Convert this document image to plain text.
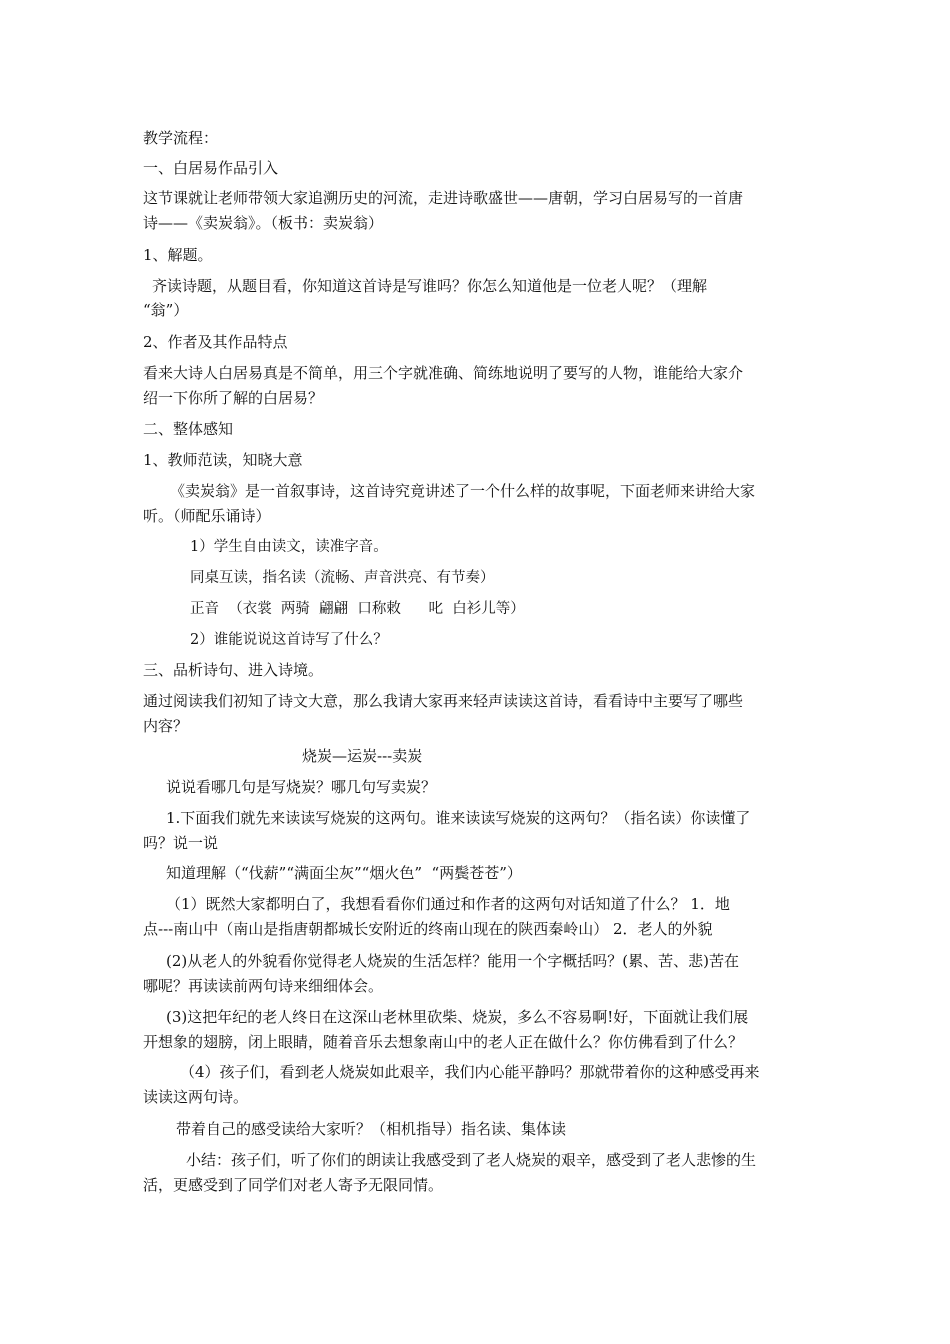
教学流程：
一、白居易作品引入
这节课就让老师带领大家追溯历史的河流，走进诗歌盛世——唐朝，学习白居易写的一首唐
诗——《卖炭翁》。（板书：卖炭翁）
1、解题。
齐读诗题，从题目看，你知道这首诗是写谁吗？你怎么知道他是一位老人呢？（理解
“翁”）
2、作者及其作品特点
看来大诗人白居易真是不简单，用三个字就准确、简练地说明了要写的人物，谁能给大家介
绍一下你所了解的白居易？
二、整体感知
1、教师范读，知晓大意
《卖炭翁》是一首叙事诗，这首诗究竟讲述了一个什么样的故事呢，下面老师来讲给大家
听。（师配乐诵诗）
1）学生自由读文，读准字音。
同桌互读，指名读（流畅、声音洪亮、有节奏）
正音  （衣裳  两骑  翩翩  口称敕      叱  白衫儿等）
2）谁能说说这首诗写了什么？
三、品析诗句、进入诗境。
通过阅读我们初知了诗文大意，那么我请大家再来轻声读读这首诗，看看诗中主要写了哪些
内容？
烧炭—运炭---卖炭
说说看哪几句是写烧炭？哪几句写卖炭？
1.下面我们就先来读读写烧炭的这两句。谁来读读写烧炭的这两句？（指名读）你读懂了
吗？说一说
知道理解（“伐薪”“满面尘灰”“烟火色”  “两鬓苍苍”）
（1）既然大家都明白了，我想看看你们通过和作者的这两句对话知道了什么？ 1．地
点---南山中（南山是指唐朝都城长安附近的终南山现在的陕西秦岭山） 2．老人的外貌
(2)从老人的外貌看你觉得老人烧炭的生活怎样？能用一个字概括吗？(累、苦、悲)苦在
哪呢？再读读前两句诗来细细体会。
(3)这把年纪的老人终日在这深山老林里砍柴、烧炭，多么不容易啊!好，下面就让我们展
开想象的翅膀，闭上眼睛，随着音乐去想象南山中的老人正在做什么？你仿佛看到了什么？
（4）孩子们，看到老人烧炭如此艰辛，我们内心能平静吗？那就带着你的这种感受再来
读读这两句诗。
带着自己的感受读给大家听？（相机指导）指名读、集体读
小结：孩子们，听了你们的朗读让我感受到了老人烧炭的艰辛，感受到了老人悲惨的生
活，更感受到了同学们对老人寄予无限同情。
